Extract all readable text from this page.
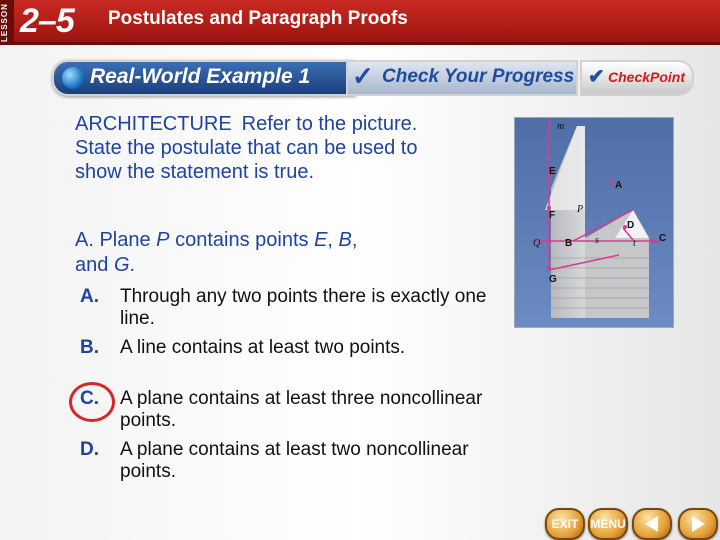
LESSON 2–5 Postulates and Paragraph Proofs
Real-World Example 1 ✓ Check Your Progress ✔ CheckPoint
ARCHITECTURE Refer to the picture. State the postulate that can be used to show the statement is true.
A. Plane P contains points E, B,
and G.
A.	Through any two points there is exactly one line.
B.	A line contains at least two points.
C.	A plane contains at least three noncollinear points.
D.	A plane contains at least two noncollinear points.
m
E
A
P
F
D
Q B s	t C
G
EXIT	MENU
